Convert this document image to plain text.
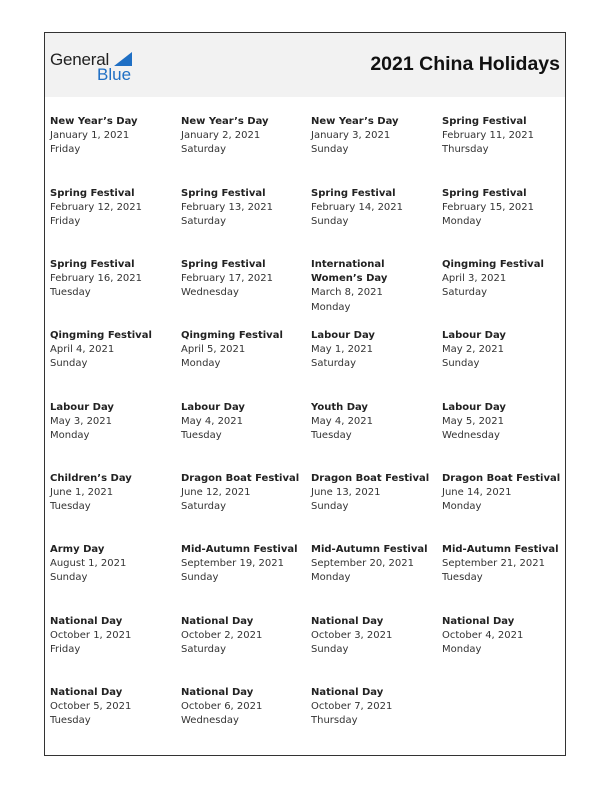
General
Blue	2021 China Holidays
New Year’s Day
January 1, 2021
Friday
New Year’s Day
January 2, 2021
Saturday
New Year’s Day
January 3, 2021
Sunday
Spring Festival
February 11, 2021
Thursday
Spring Festival
February 12, 2021
Friday
Spring Festival
February 13, 2021
Saturday
Spring Festival
February 14, 2021
Sunday
Spring Festival
February 15, 2021
Monday
Spring Festival
February 16, 2021
Tuesday
Spring Festival
February 17, 2021
Wednesday
International Women’s Day
March 8, 2021
Monday
Qingming Festival
April 3, 2021
Saturday
Qingming Festival
April 4, 2021
Sunday
Qingming Festival
April 5, 2021
Monday
Labour Day
May 1, 2021
Saturday
Labour Day
May 2, 2021
Sunday
Labour Day
May 3, 2021
Monday
Labour Day
May 4, 2021
Tuesday
Youth Day
May 4, 2021
Tuesday
Labour Day
May 5, 2021
Wednesday
Children’s Day
June 1, 2021
Tuesday
Dragon Boat Festival
June 12, 2021
Saturday
Dragon Boat Festival
June 13, 2021
Sunday
Dragon Boat Festival
June 14, 2021
Monday
Army Day
August 1, 2021
Sunday
Mid-Autumn Festival
September 19, 2021
Sunday
Mid-Autumn Festival
September 20, 2021
Monday
Mid-Autumn Festival
September 21, 2021
Tuesday
National Day
October 1, 2021
Friday
National Day
October 2, 2021
Saturday
National Day
October 3, 2021
Sunday
National Day
October 4, 2021
Monday
National Day
October 5, 2021
Tuesday
National Day
October 6, 2021
Wednesday
National Day
October 7, 2021
Thursday
